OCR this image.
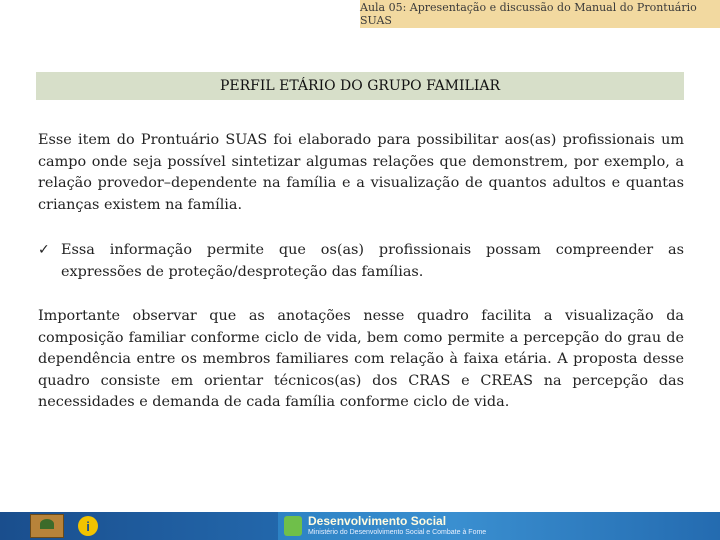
Aula 05: Apresentação e discussão do Manual do Prontuário SUAS
PERFIL ETÁRIO DO GRUPO FAMILIAR

Esse item do Prontuário SUAS foi elaborado para possibilitar aos(as) profissionais um campo onde seja possível sintetizar algumas relações que demonstrem, por exemplo, a relação provedor–dependente na família e a visualização de quantos adultos e quantas crianças existem na família.

✓ Essa informação permite que os(as) profissionais possam compreender as expressões de proteção/desproteção das famílias.

Importante observar que as anotações nesse quadro facilita a visualização da composição familiar conforme ciclo de vida, bem como permite a percepção do grau de dependência entre os membros familiares com relação à faixa etária. A proposta desse quadro consiste em orientar técnicos(as) dos CRAS e CREAS na percepção das necessidades e demanda de cada família conforme ciclo de vida.

i	Desenvolvimento Social
Ministério do Desenvolvimento Social e Combate à Fome
